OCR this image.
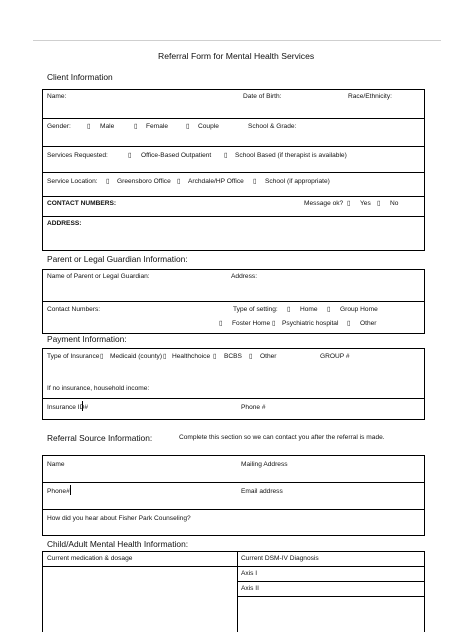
Referral Form for Mental Health Services
Client Information
Name:	Date of Birth:	Race/Ethnicity:
Gender: ▯ Male	▯ Female	▯ Couple	School & Grade:
Services Requested:	▯ Office-Based Outpatient ▯ School Based (if therapist is available)
Service Location: ▯ Greensboro Office ▯ Archdale/HP Office ▯ School (if appropriate)
CONTACT NUMBERS:	Message ok? ▯ Yes ▯ No
ADDRESS:
Parent or Legal Guardian Information:
Name of Parent or Legal Guardian:	Address:
Contact Numbers:	Type of setting: ▯ Home ▯ Group Home
▯ Foster Home ▯ Psychiatric hospital ▯ Other
Payment Information:
Type of Insurance ▯ Medicaid (county) ▯ Healthchoice ▯ BCBS ▯ Other	GROUP #
If no insurance, household income:
Insurance ID#	Phone #
Referral Source Information:	Complete this section so we can contact you after the referral is made.
Name	Mailing Address
Phone#	Email address
How did you hear about Fisher Park Counseling?
Child/Adult Mental Health Information:
Current medication & dosage	Current DSM-IV Diagnosis
Axis I
Axis II
